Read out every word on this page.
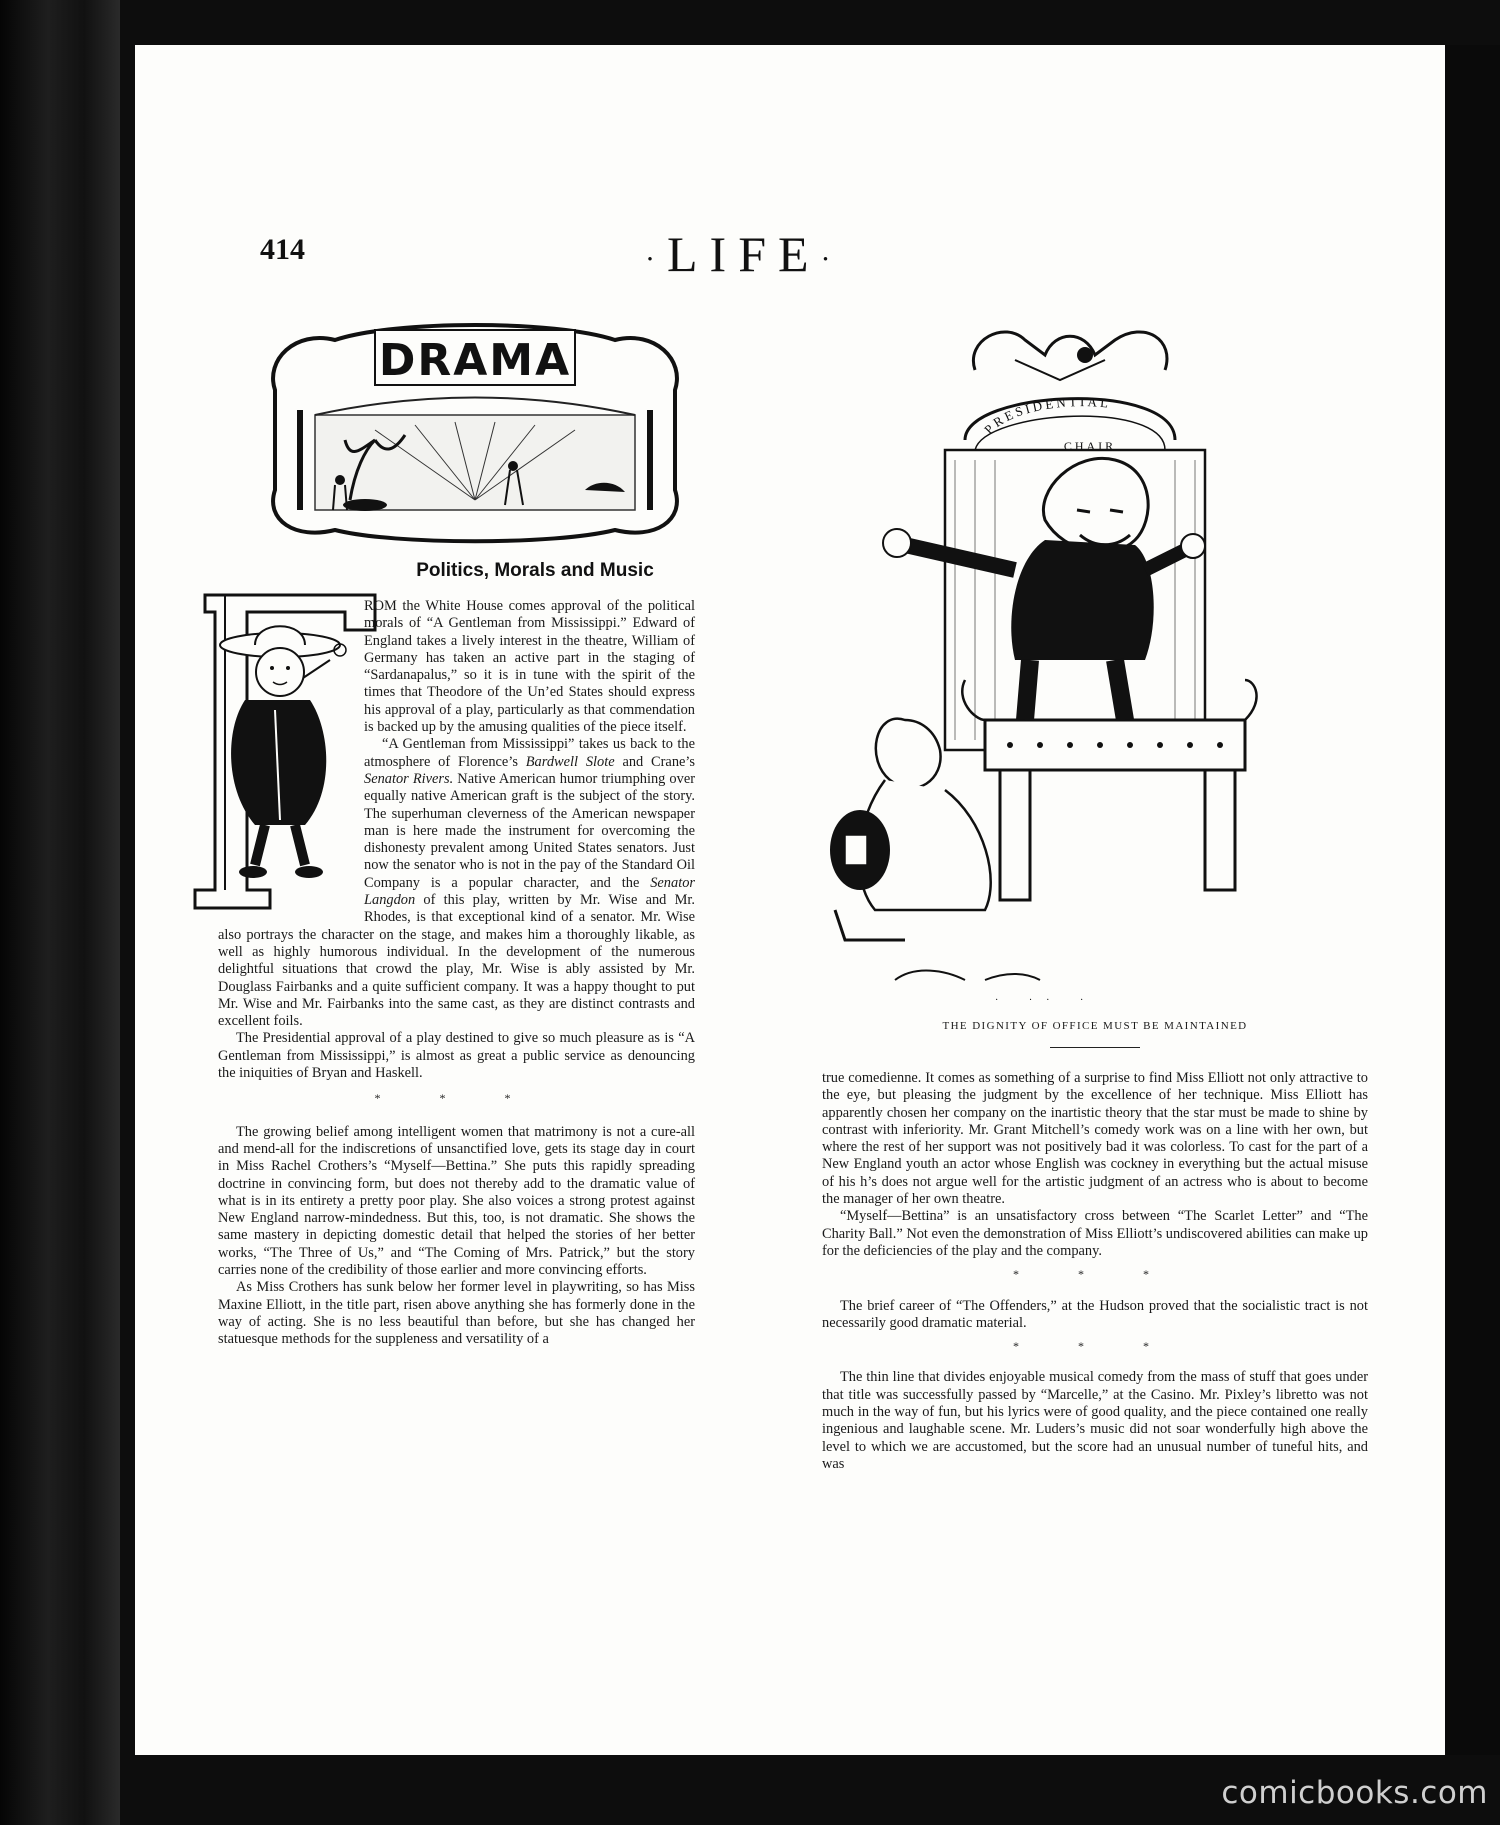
414	·LIFE·
DRAMA
Politics, Morals and Music

ROM the White House comes approval of the political morals of “A Gentleman from Mississippi.” Edward of England takes a lively interest in the theatre, William of Germany has taken an active part in the staging of “Sardanapalus,” so it is in tune with the spirit of the times that Theodore of the Un’ed States should express his approval of a play, particularly as that commendation is backed up by the amusing qualities of the piece itself.

“A Gentleman from Mississippi” takes us back to the atmosphere of Florence’s Bardwell Slote and Crane’s Senator Rivers. Native American humor triumphing over equally native American graft is the subject of the story. The superhuman cleverness of the American newspaper man is here made the instrument for overcoming the dishonesty prevalent among United States senators. Just now the senator who is not in the pay of the Standard Oil Company is a popular character, and the Senator Langdon of this play, written by Mr. Wise and Mr. Rhodes, is that exceptional kind of a senator. Mr. Wise also portrays the character on the stage, and makes him a thoroughly likable, as well as highly humorous individual. In the development of the numerous delightful situations that crowd the play, Mr. Wise is ably assisted by Mr. Douglass Fairbanks and a quite sufficient company. It was a happy thought to put Mr. Wise and Mr. Fairbanks into the same cast, as they are distinct contrasts and excellent foils.

The Presidential approval of a play destined to give so much pleasure as is “A Gentleman from Mississippi,” is almost as great a public service as denouncing the iniquities of Bryan and Haskell.

* * *

The growing belief among intelligent women that matrimony is not a cure-all and mend-all for the indiscretions of unsanctified love, gets its stage day in court in Miss Rachel Crothers’s “Myself—Bettina.” She puts this rapidly spreading doctrine in convincing form, but does not thereby add to the dramatic value of what is in its entirety a pretty poor play. She also voices a strong protest against New England narrow-mindedness. But this, too, is not dramatic. She shows the same mastery in depicting domestic detail that helped the stories of her better works, “The Three of Us,” and “The Coming of Mrs. Patrick,” but the story carries none of the credibility of those earlier and more convincing efforts.

As Miss Crothers has sunk below her former level in playwriting, so has Miss Maxine Elliott, in the title part, risen above anything she has formerly done in the way of acting. She is no less beautiful than before, but she has changed her statuesque methods for the suppleness and versatility of a

PRESIDENTIAL
CHAIR
· ·· ·
THE DIGNITY OF OFFICE MUST BE MAINTAINED

true comedienne. It comes as something of a surprise to find Miss Elliott not only attractive to the eye, but pleasing the judgment by the excellence of her technique. Miss Elliott has apparently chosen her company on the inartistic theory that the star must be made to shine by contrast with inferiority. Mr. Grant Mitchell’s comedy work was on a line with her own, but where the rest of her support was not positively bad it was colorless. To cast for the part of a New England youth an actor whose English was cockney in everything but the actual misuse of his h’s does not argue well for the artistic judgment of an actress who is about to become the manager of her own theatre.

“Myself—Bettina” is an unsatisfactory cross between “The Scarlet Letter” and “The Charity Ball.” Not even the demonstration of Miss Elliott’s undiscovered abilities can make up for the deficiencies of the play and the company.

* * *

The brief career of “The Offenders,” at the Hudson proved that the socialistic tract is not necessarily good dramatic material.

* * *

The thin line that divides enjoyable musical comedy from the mass of stuff that goes under that title was successfully passed by “Marcelle,” at the Casino. Mr. Pixley’s libretto was not much in the way of fun, but his lyrics were of good quality, and the piece contained one really ingenious and laughable scene. Mr. Luders’s music did not soar wonderfully high above the level to which we are accustomed, but the score had an unusual number of tuneful hits, and was

comicbooks.com
